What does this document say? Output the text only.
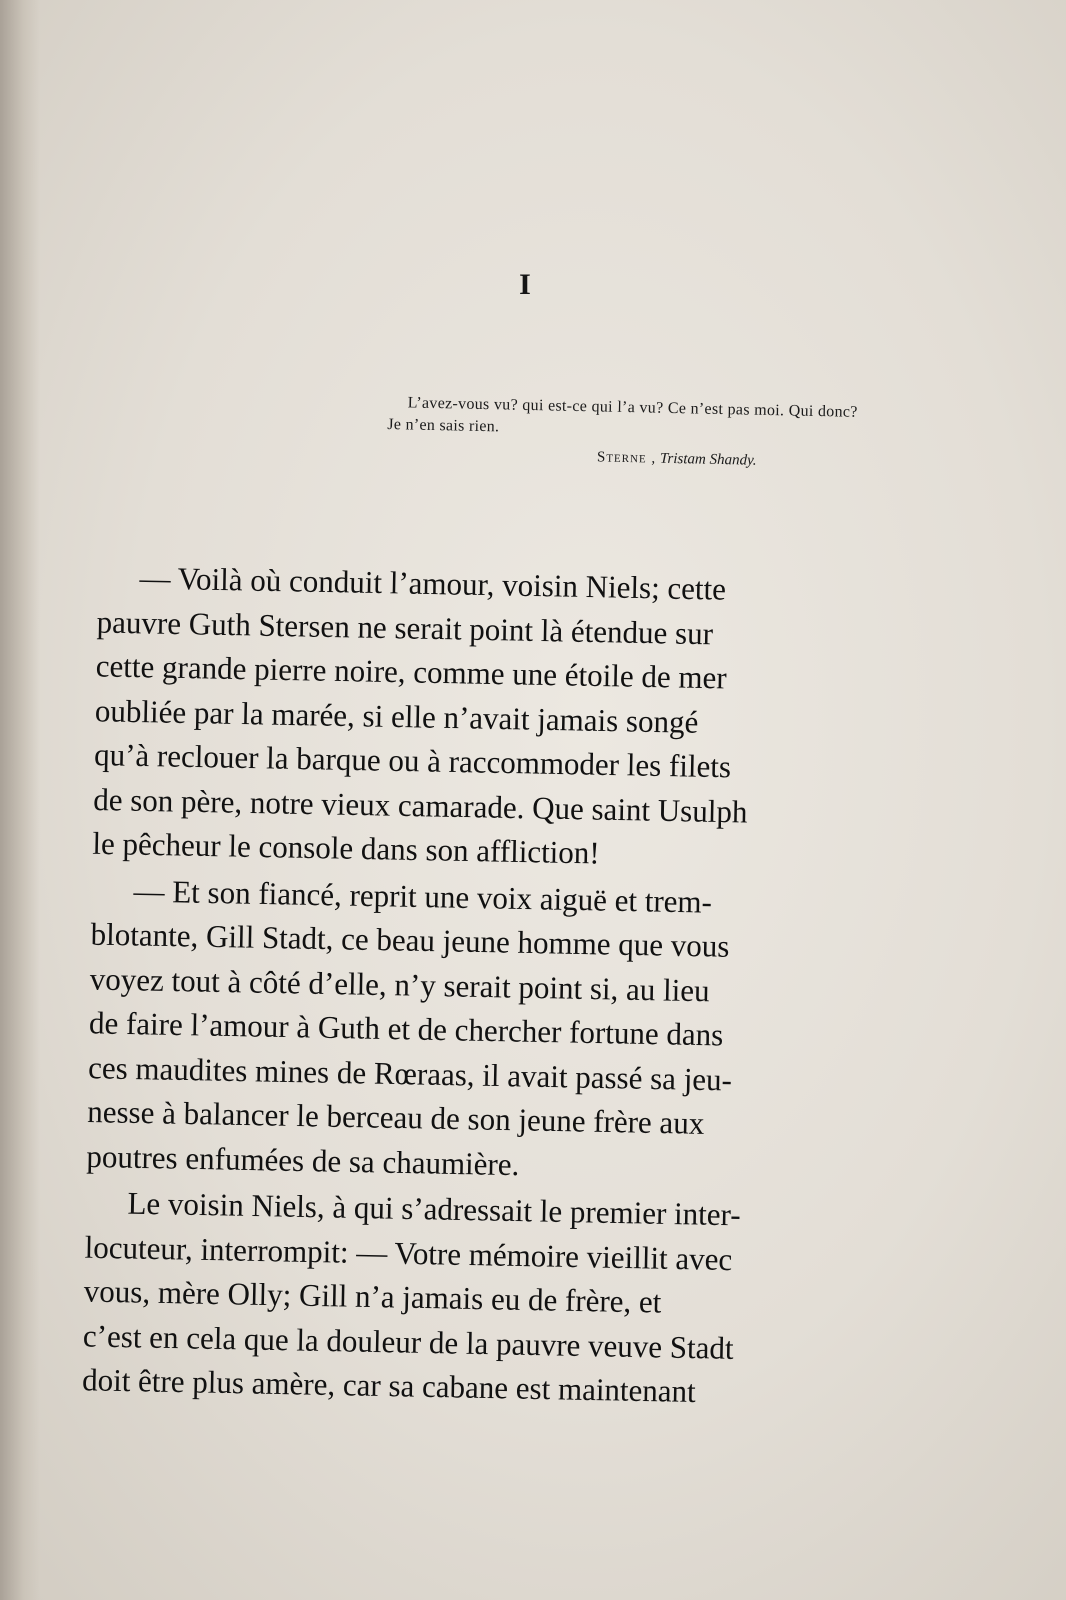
I

L’avez-vous vu? qui est-ce qui l’a vu? Ce n’est pas moi. Qui donc? Je n’en sais rien.

Sterne , Tristam Shandy.

— Voilà où conduit l’amour, voisin Niels; cette
pauvre Guth Stersen ne serait point là étendue sur
cette grande pierre noire, comme une étoile de mer
oubliée par la marée, si elle n’avait jamais songé
qu’à reclouer la barque ou à raccommoder les filets
de son père, notre vieux camarade. Que saint Usulph
le pêcheur le console dans son affliction!
— Et son fiancé, reprit une voix aiguë et trem-
blotante, Gill Stadt, ce beau jeune homme que vous
voyez tout à côté d’elle, n’y serait point si, au lieu
de faire l’amour à Guth et de chercher fortune dans
ces maudites mines de Rœraas, il avait passé sa jeu-
nesse à balancer le berceau de son jeune frère aux
poutres enfumées de sa chaumière.
Le voisin Niels, à qui s’adressait le premier inter-
locuteur, interrompit: — Votre mémoire vieillit avec
vous, mère Olly; Gill n’a jamais eu de frère, et
c’est en cela que la douleur de la pauvre veuve Stadt
doit être plus amère, car sa cabane est maintenant
